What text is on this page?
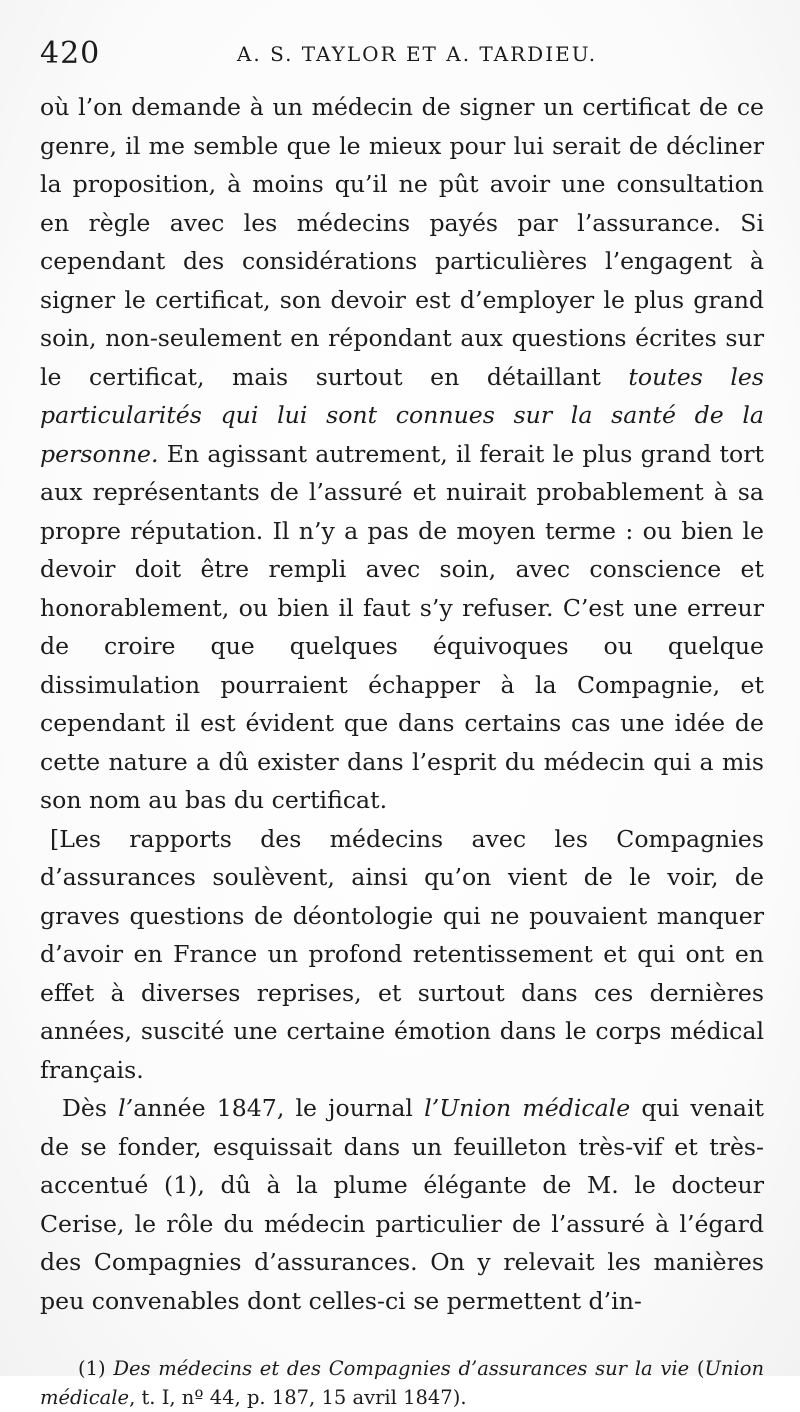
420	A. S. TAYLOR ET A. TARDIEU.

où l’on demande à un médecin de signer un certificat de ce genre, il me semble que le mieux pour lui serait de décliner la proposition, à moins qu’il ne pût avoir une consultation en règle avec les médecins payés par l’assurance. Si cependant des considérations particulières l’engagent à signer le certificat, son devoir est d’employer le plus grand soin, non-seulement en répondant aux questions écrites sur le certificat, mais surtout en détaillant toutes les particularités qui lui sont connues sur la santé de la personne. En agissant autrement, il ferait le plus grand tort aux représentants de l’assuré et nuirait probablement à sa propre réputation. Il n’y a pas de moyen terme : ou bien le devoir doit être rempli avec soin, avec conscience et honorablement, ou bien il faut s’y refuser. C’est une erreur de croire que quelques équivoques ou quelque dissimulation pourraient échapper à la Compagnie, et cependant il est évident que dans certains cas une idée de cette nature a dû exister dans l’esprit du médecin qui a mis son nom au bas du certificat.

[Les rapports des médecins avec les Compagnies d’assurances soulèvent, ainsi qu’on vient de le voir, de graves questions de déontologie qui ne pouvaient manquer d’avoir en France un profond retentissement et qui ont en effet à diverses reprises, et surtout dans ces dernières années, suscité une certaine émotion dans le corps médical français.

Dès l’année 1847, le journal l’Union médicale qui venait de se fonder, esquissait dans un feuilleton très-vif et très-accentué (1), dû à la plume élégante de M. le docteur Cerise, le rôle du médecin particulier de l’assuré à l’égard des Compagnies d’assurances. On y relevait les manières peu convenables dont celles-ci se permettent d’in-

(1) Des médecins et des Compagnies d’assurances sur la vie (Union médicale, t. I, nº 44, p. 187, 15 avril 1847).
